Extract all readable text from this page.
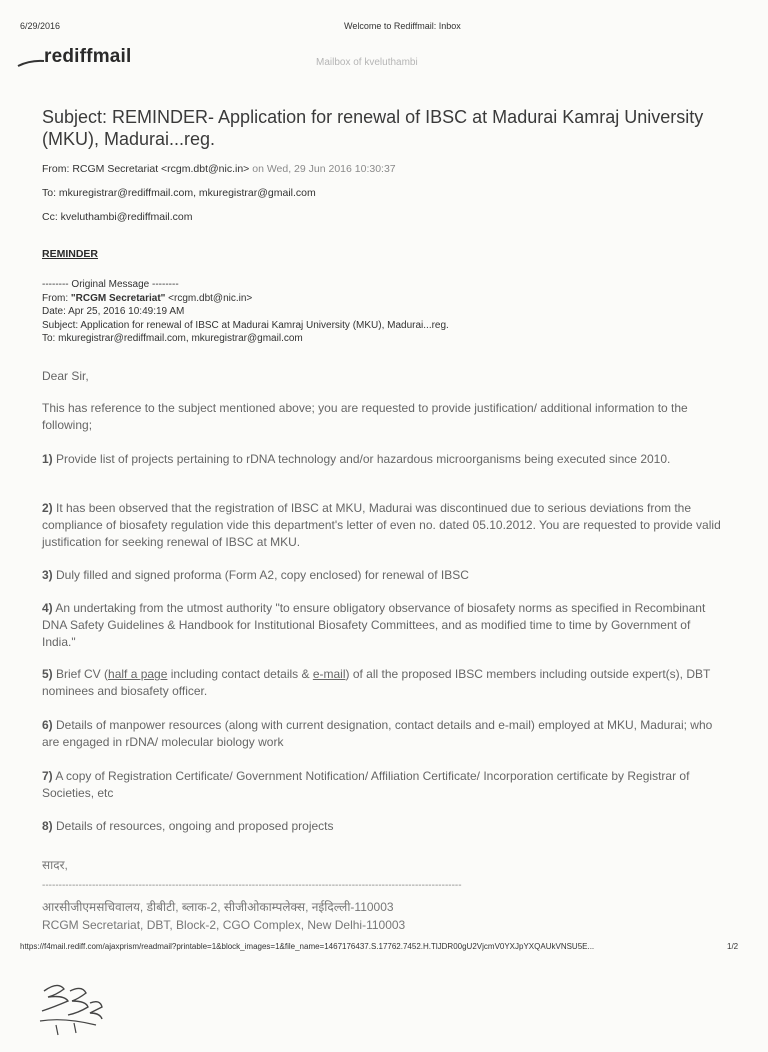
6/29/2016	Welcome to Rediffmail: Inbox
rediffmail	Mailbox of kveluthambi
Subject: REMINDER- Application for renewal of IBSC at Madurai Kamraj University (MKU), Madurai...reg.
From: RCGM Secretariat <rcgm.dbt@nic.in> on Wed, 29 Jun 2016 10:30:37
To: mkuregistrar@rediffmail.com, mkuregistrar@gmail.com
Cc: kveluthambi@rediffmail.com
REMINDER
-------- Original Message --------
From: "RCGM Secretariat" <rcgm.dbt@nic.in>
Date: Apr 25, 2016 10:49:19 AM
Subject: Application for renewal of IBSC at Madurai Kamraj University (MKU), Madurai...reg.
To: mkuregistrar@rediffmail.com, mkuregistrar@gmail.com
Dear Sir,
This has reference to the subject mentioned above; you are requested to provide justification/ additional information to the following;
1) Provide list of projects pertaining to rDNA technology and/or hazardous microorganisms being executed since 2010.
2) It has been observed that the registration of IBSC at MKU, Madurai was discontinued due to serious deviations from the compliance of biosafety regulation vide this department's letter of even no. dated 05.10.2012. You are requested to provide valid justification for seeking renewal of IBSC at MKU.
3) Duly filled and signed proforma (Form A2, copy enclosed) for renewal of IBSC
4) An undertaking from the utmost authority "to ensure obligatory observance of biosafety norms as specified in Recombinant DNA Safety Guidelines & Handbook for Institutional Biosafety Committees, and as modified time to time by Government of India."
5) Brief CV (half a page including contact details & e-mail) of all the proposed IBSC members including outside expert(s), DBT nominees and biosafety officer.
6) Details of manpower resources (along with current designation, contact details and e-mail) employed at MKU, Madurai; who are engaged in rDNA/ molecular biology work
7) A copy of Registration Certificate/ Government Notification/ Affiliation Certificate/ Incorporation certificate by Registrar of Societies, etc
8) Details of resources, ongoing and proposed projects
सादर,
------------------------------------------------------------------------------------------------------------------------------
आरसीजीएमसचिवालय, डीबीटी, ब्लाक-2, सीजीओकाम्पलेक्स, नईदिल्ली-110003
RCGM Secretariat, DBT, Block-2, CGO Complex, New Delhi-110003
https://f4mail.rediff.com/ajaxprism/readmail?printable=1&block_images=1&file_name=1467176437.S.17762.7452.H.TlJDR00gU2VjcmV0YXJpYXQAUkVNSU5E...	1/2
